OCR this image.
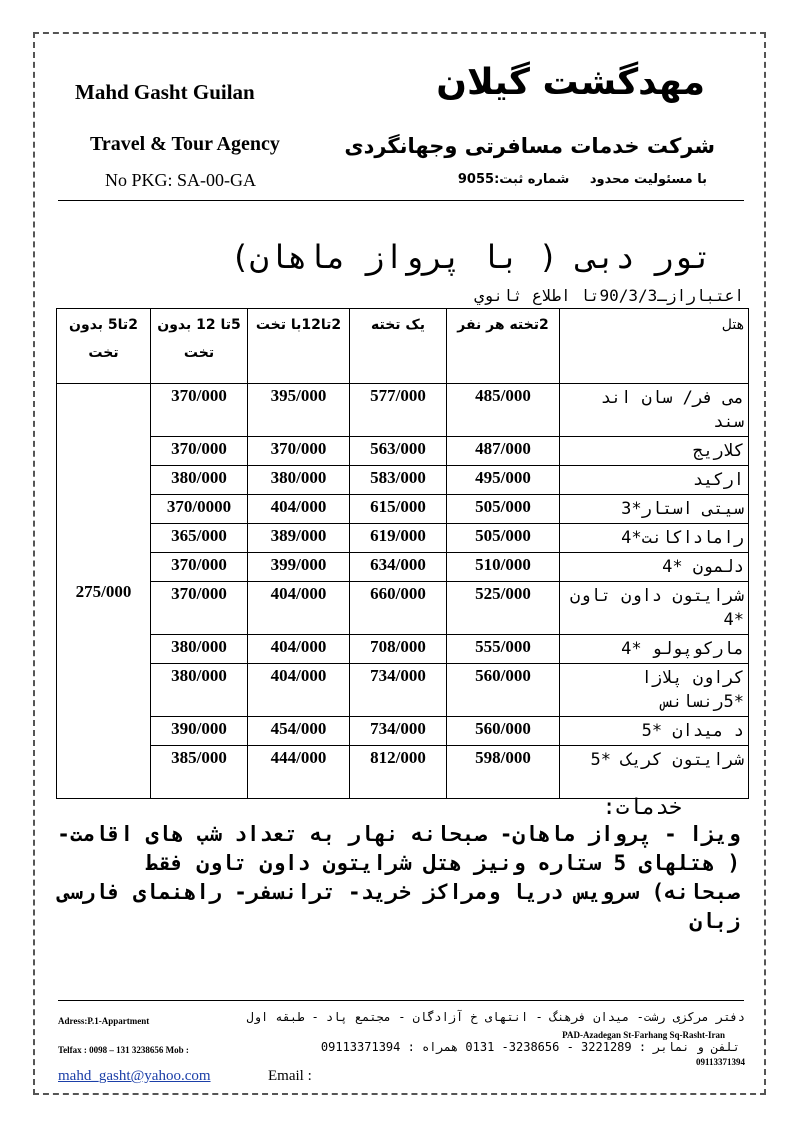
Mahd Gasht Guilan
Travel & Tour Agency
No PKG: SA-00-GA
مهدگشت گيلان
شرکت خدمات مسافرتی وجهانگردی
با مسئولیت محدود شماره ثبت:9055
تور دبی ( با پرواز ماهان)
اعتبارازـ90/3/3تا اطلاع ثانوي
2تا5 بدون تخت	5تا 12 بدون تخت	2تا12با تخت	يک تخته	2تخته هر نفر	هتل
275/000	370/000	395/000	577/000	485/000	می فر/ سان اند سند
	370/000	370/000	563/000	487/000	کلاريج
	380/000	380/000	583/000	495/000	ارکید
	370/0000	404/000	615/000	505/000	سیتی استار*3
	365/000	389/000	619/000	505/000	راماداکانت*4
	370/000	399/000	634/000	510/000	دلمون *4
	370/000	404/000	660/000	525/000	شرایتون داون تاون *4
	380/000	404/000	708/000	555/000	مارکوپولو *4
	380/000	404/000	734/000	560/000	کراون پلازا *5رنسانس
	390/000	454/000	734/000	560/000	د میدان *5
	385/000	444/000	812/000	598/000	شرایتون کریک *5
خدمات:
ویزا - پرواز ماهان- صبحانه نهار به تعداد شب های اقامت-( هتلهای 5 ستاره ونیز هتل شرایتون داون تاون فقط صبحانه) سرویس دریا ومراکز خرید- ترانسفر- راهنمای فارسی زبان
دفتر مرکزی رشت- میدان فرهنگ - انتهای خ آزادگان - مجتمع پاد - طبقه اول
Adress:P.1-Appartment
PAD-Azadegan St-Farhang Sq-Rasht-Iran
تلفن و نمابر : 3221289 - 3238656- 0131 همراه : 09113371394
Telfax : 0098 – 131 3238656 Mob :
09113371394
mahd_gasht@yahoo.com	Email :
